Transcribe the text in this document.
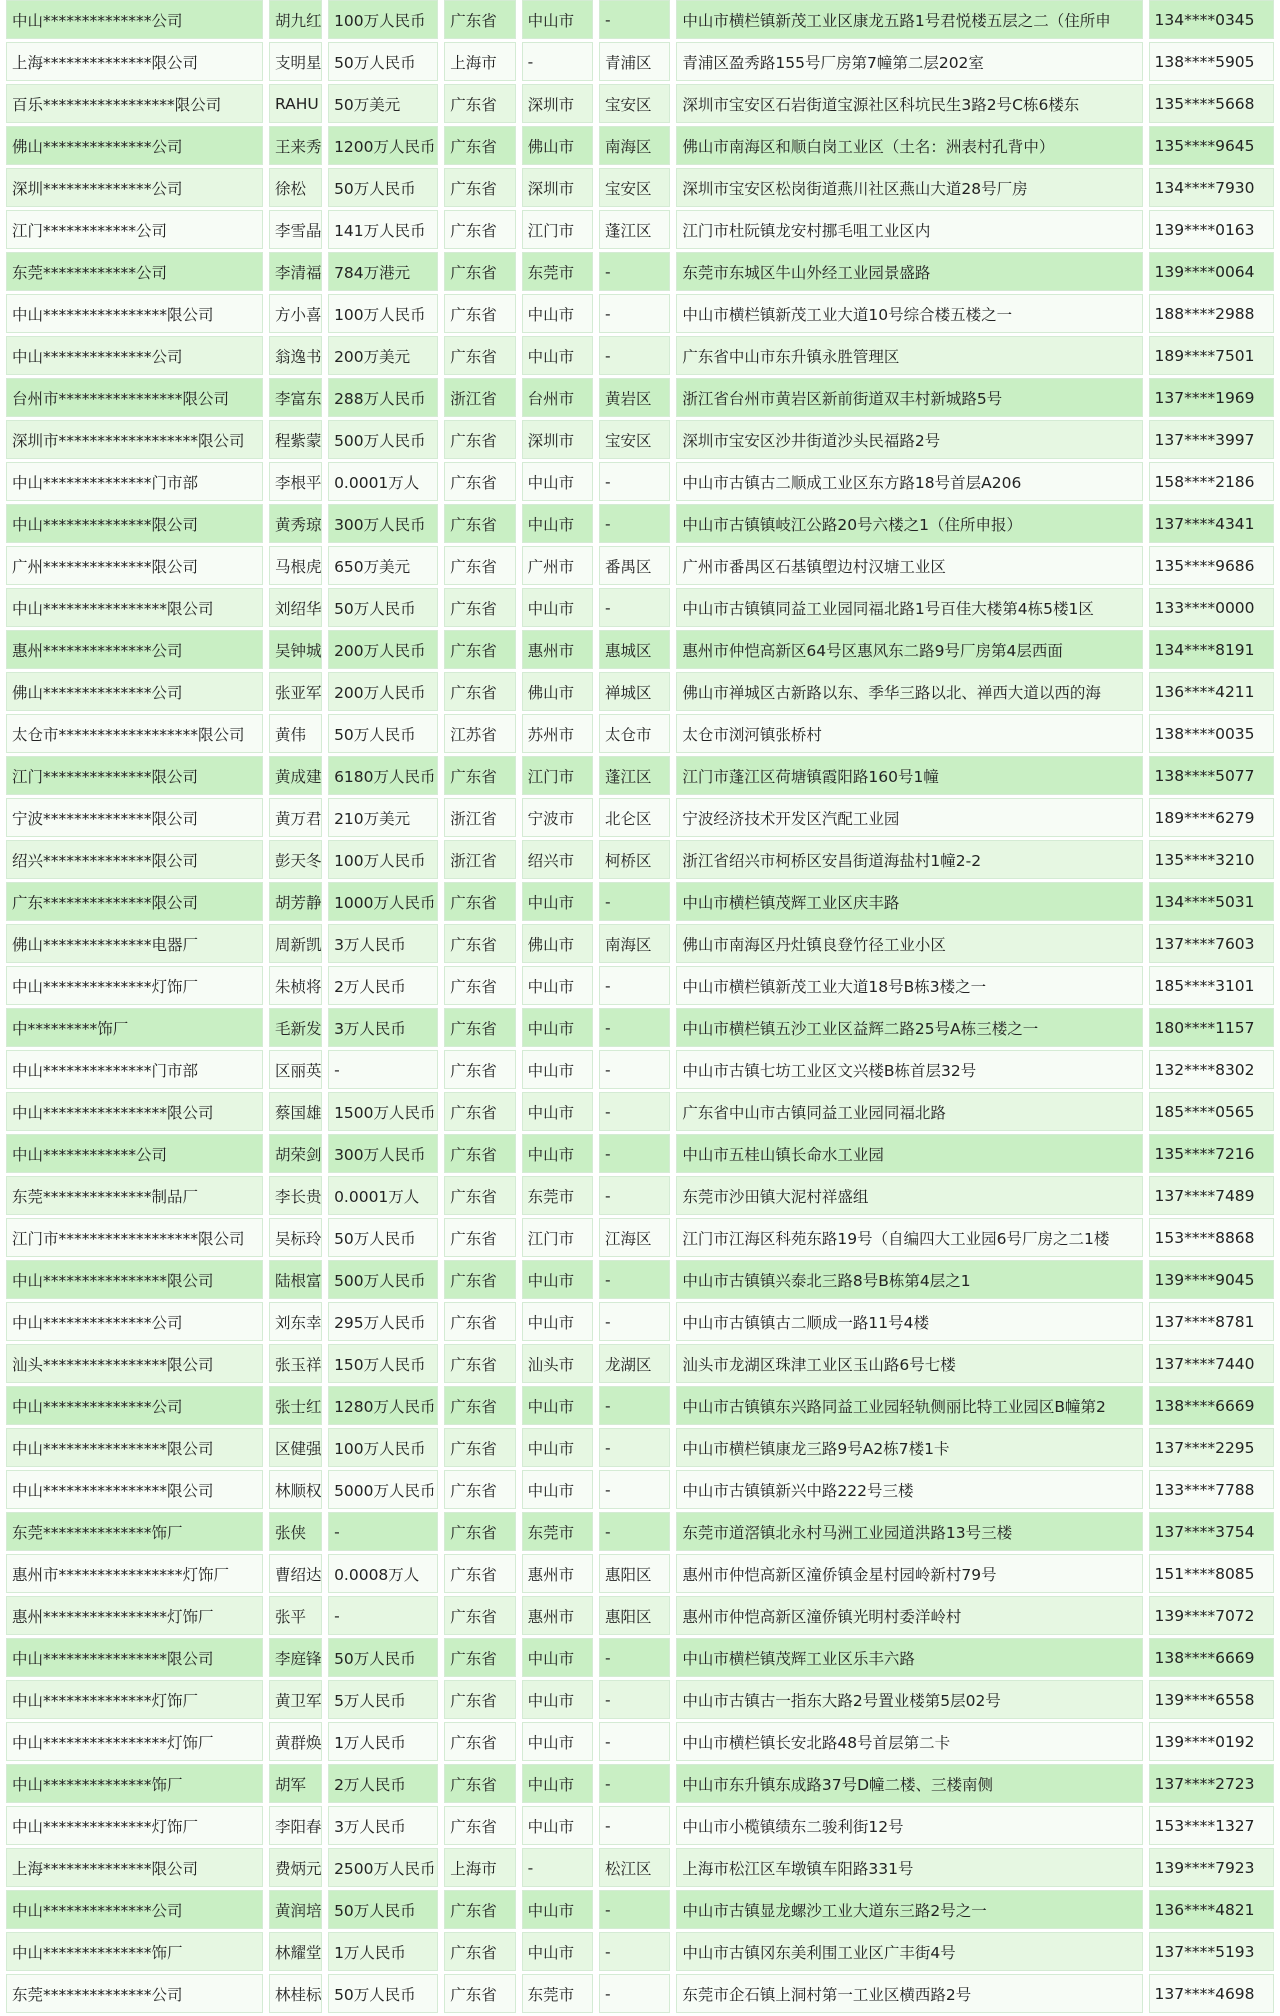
中山**************公司	胡九红	100万人民币	广东省	中山市	-	中山市横栏镇新茂工业区康龙五路1号君悦楼五层之二（住所申	134****0345
上海**************限公司	支明星	50万人民币	上海市	-	青浦区	青浦区盈秀路155号厂房第7幢第二层202室	138****5905
百乐*****************限公司	RAHU	50万美元	广东省	深圳市	宝安区	深圳市宝安区石岩街道宝源社区科坑民生3路2号C栋6楼东	135****5668
佛山**************公司	王来秀	1200万人民币	广东省	佛山市	南海区	佛山市南海区和顺白岗工业区（土名：洲表村孔背中）	135****9645
深圳**************公司	徐松	50万人民币	广东省	深圳市	宝安区	深圳市宝安区松岗街道燕川社区燕山大道28号厂房	134****7930
江门************公司	李雪晶	141万人民币	广东省	江门市	蓬江区	江门市杜阮镇龙安村挪毛咀工业区内	139****0163
东莞************公司	李清福	784万港元	广东省	东莞市	-	东莞市东城区牛山外经工业园景盛路	139****0064
中山****************限公司	方小喜	100万人民币	广东省	中山市	-	中山市横栏镇新茂工业大道10号综合楼五楼之一	188****2988
中山**************公司	翁逸书	200万美元	广东省	中山市	-	广东省中山市东升镇永胜管理区	189****7501
台州市****************限公司	李富东	288万人民币	浙江省	台州市	黄岩区	浙江省台州市黄岩区新前街道双丰村新城路5号	137****1969
深圳市******************限公司	程紫蒙	500万人民币	广东省	深圳市	宝安区	深圳市宝安区沙井街道沙头民福路2号	137****3997
中山**************门市部	李根平	0.0001万人	广东省	中山市	-	中山市古镇古二顺成工业区东方路18号首层A206	158****2186
中山**************限公司	黄秀琼	300万人民币	广东省	中山市	-	中山市古镇镇岐江公路20号六楼之1（住所申报）	137****4341
广州**************限公司	马根虎	650万美元	广东省	广州市	番禺区	广州市番禺区石基镇塱边村汉塘工业区	135****9686
中山****************限公司	刘绍华	50万人民币	广东省	中山市	-	中山市古镇镇同益工业园同福北路1号百佳大楼第4栋5楼1区	133****0000
惠州**************公司	吴钟城	200万人民币	广东省	惠州市	惠城区	惠州市仲恺高新区64号区惠风东二路9号厂房第4层西面	134****8191
佛山**************公司	张亚军	200万人民币	广东省	佛山市	禅城区	佛山市禅城区古新路以东、季华三路以北、禅西大道以西的海	136****4211
太仓市******************限公司	黄伟	50万人民币	江苏省	苏州市	太仓市	太仓市浏河镇张桥村	138****0035
江门**************限公司	黄成建	6180万人民币	广东省	江门市	蓬江区	江门市蓬江区荷塘镇霞阳路160号1幢	138****5077
宁波**************限公司	黄万君	210万美元	浙江省	宁波市	北仑区	宁波经济技术开发区汽配工业园	189****6279
绍兴**************限公司	彭天冬	100万人民币	浙江省	绍兴市	柯桥区	浙江省绍兴市柯桥区安昌街道海盐村1幢2-2	135****3210
广东**************限公司	胡芳静	1000万人民币	广东省	中山市	-	中山市横栏镇茂辉工业区庆丰路	134****5031
佛山**************电器厂	周新凯	3万人民币	广东省	佛山市	南海区	佛山市南海区丹灶镇良登竹径工业小区	137****7603
中山**************灯饰厂	朱桢将	2万人民币	广东省	中山市	-	中山市横栏镇新茂工业大道18号B栋3楼之一	185****3101
中*********饰厂	毛新发	3万人民币	广东省	中山市	-	中山市横栏镇五沙工业区益辉二路25号A栋三楼之一	180****1157
中山**************门市部	区丽英	-	广东省	中山市	-	中山市古镇七坊工业区文兴楼B栋首层32号	132****8302
中山****************限公司	蔡国雄	1500万人民币	广东省	中山市	-	广东省中山市古镇同益工业园同福北路	185****0565
中山************公司	胡荣剑	300万人民币	广东省	中山市	-	中山市五桂山镇长命水工业园	135****7216
东莞**************制品厂	李长贵	0.0001万人	广东省	东莞市	-	东莞市沙田镇大泥村祥盛组	137****7489
江门市******************限公司	吴标玲	50万人民币	广东省	江门市	江海区	江门市江海区科苑东路19号（自编四大工业园6号厂房之二1楼	153****8868
中山****************限公司	陆根富	500万人民币	广东省	中山市	-	中山市古镇镇兴泰北三路8号B栋第4层之1	139****9045
中山**************公司	刘东幸	295万人民币	广东省	中山市	-	中山市古镇镇古二顺成一路11号4楼	137****8781
汕头****************限公司	张玉祥	150万人民币	广东省	汕头市	龙湖区	汕头市龙湖区珠津工业区玉山路6号七楼	137****7440
中山**************公司	张士红	1280万人民币	广东省	中山市	-	中山市古镇镇东兴路同益工业园轻轨侧丽比特工业园区B幢第2	138****6669
中山****************限公司	区健强	100万人民币	广东省	中山市	-	中山市横栏镇康龙三路9号A2栋7楼1卡	137****2295
中山****************限公司	林顺权	5000万人民币	广东省	中山市	-	中山市古镇镇新兴中路222号三楼	133****7788
东莞**************饰厂	张侠	-	广东省	东莞市	-	东莞市道滘镇北永村马洲工业园道洪路13号三楼	137****3754
惠州市****************灯饰厂	曹绍达	0.0008万人	广东省	惠州市	惠阳区	惠州市仲恺高新区潼侨镇金星村园岭新村79号	151****8085
惠州****************灯饰厂	张平	-	广东省	惠州市	惠阳区	惠州市仲恺高新区潼侨镇光明村委洋岭村	139****7072
中山****************限公司	李庭锋	50万人民币	广东省	中山市	-	中山市横栏镇茂辉工业区乐丰六路	138****6669
中山**************灯饰厂	黄卫军	5万人民币	广东省	中山市	-	中山市古镇古一指东大路2号置业楼第5层02号	139****6558
中山****************灯饰厂	黄群焕	1万人民币	广东省	中山市	-	中山市横栏镇长安北路48号首层第二卡	139****0192
中山**************饰厂	胡军	2万人民币	广东省	中山市	-	中山市东升镇东成路37号D幢二楼、三楼南侧	137****2723
中山**************灯饰厂	李阳春	3万人民币	广东省	中山市	-	中山市小榄镇绩东二骏利街12号	153****1327
上海**************限公司	费炳元	2500万人民币	上海市	-	松江区	上海市松江区车墩镇车阳路331号	139****7923
中山**************公司	黄润培	50万人民币	广东省	中山市	-	中山市古镇显龙螺沙工业大道东三路2号之一	136****4821
中山**************饰厂	林耀堂	1万人民币	广东省	中山市	-	中山市古镇冈东美利围工业区广丰街4号	137****5193
东莞**************公司	林桂标	50万人民币	广东省	东莞市	-	东莞市企石镇上洞村第一工业区横西路2号	137****4698
